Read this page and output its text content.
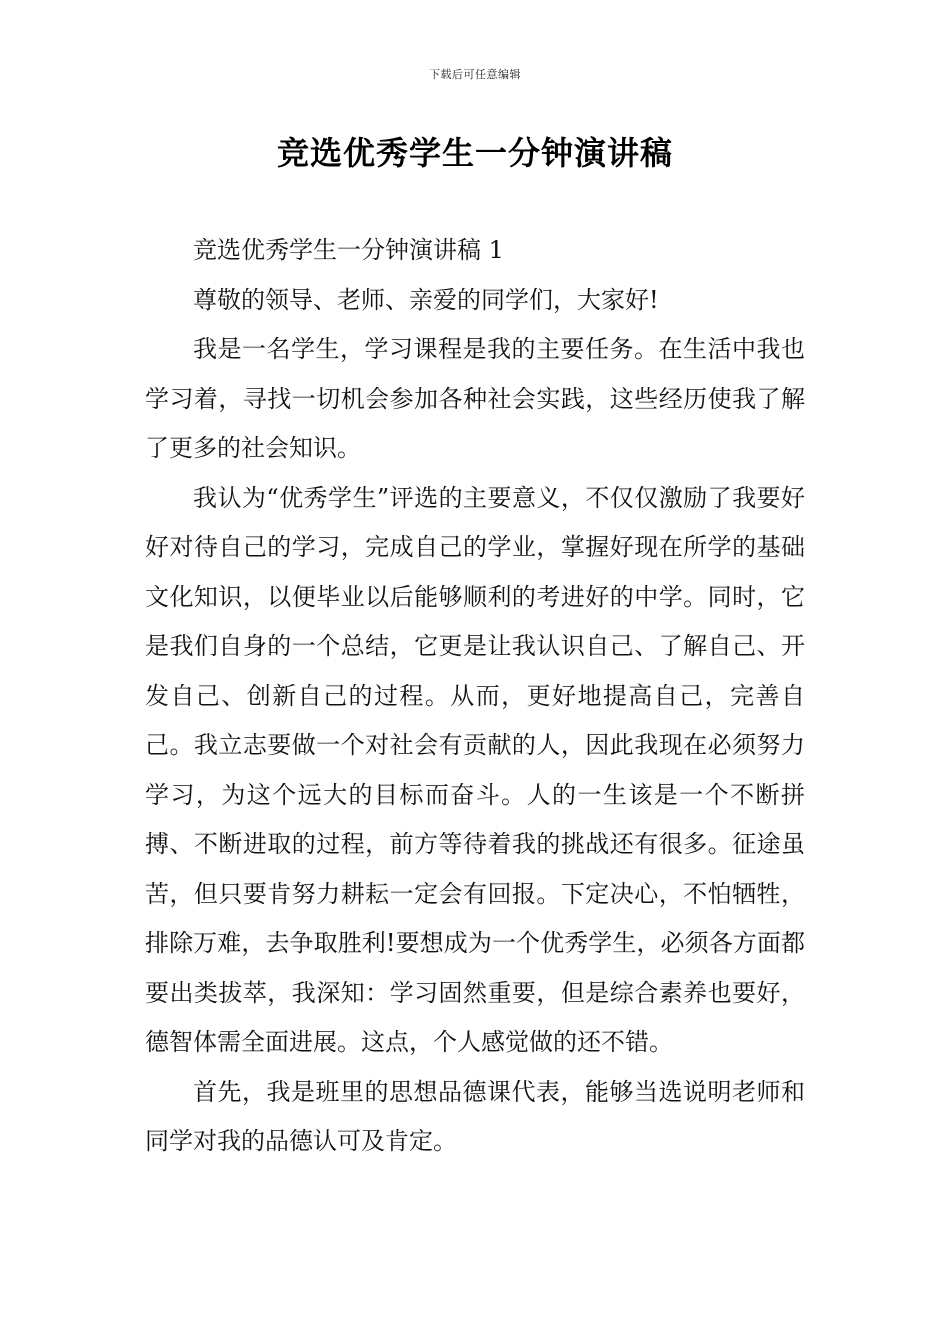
下载后可任意编辑
竞选优秀学生一分钟演讲稿

竞选优秀学生一分钟演讲稿 1

尊敬的领导、老师、亲爱的同学们，大家好!

我是一名学生，学习课程是我的主要任务。在生活中我也学习着，寻找一切机会参加各种社会实践，这些经历使我了解了更多的社会知识。

我认为“优秀学生”评选的主要意义，不仅仅激励了我要好好对待自己的学习，完成自己的学业，掌握好现在所学的基础文化知识，以便毕业以后能够顺利的考进好的中学。同时，它是我们自身的一个总结，它更是让我认识自己、了解自己、开发自己、创新自己的过程。从而，更好地提高自己，完善自己。我立志要做一个对社会有贡献的人，因此我现在必须努力学习，为这个远大的目标而奋斗。人的一生该是一个不断拼搏、不断进取的过程，前方等待着我的挑战还有很多。征途虽苦，但只要肯努力耕耘一定会有回报。下定决心，不怕牺牲，排除万难，去争取胜利!要想成为一个优秀学生，必须各方面都要出类拔萃，我深知：学习固然重要，但是综合素养也要好，德智体需全面进展。这点，个人感觉做的还不错。

首先，我是班里的思想品德课代表，能够当选说明老师和同学对我的品德认可及肯定。
